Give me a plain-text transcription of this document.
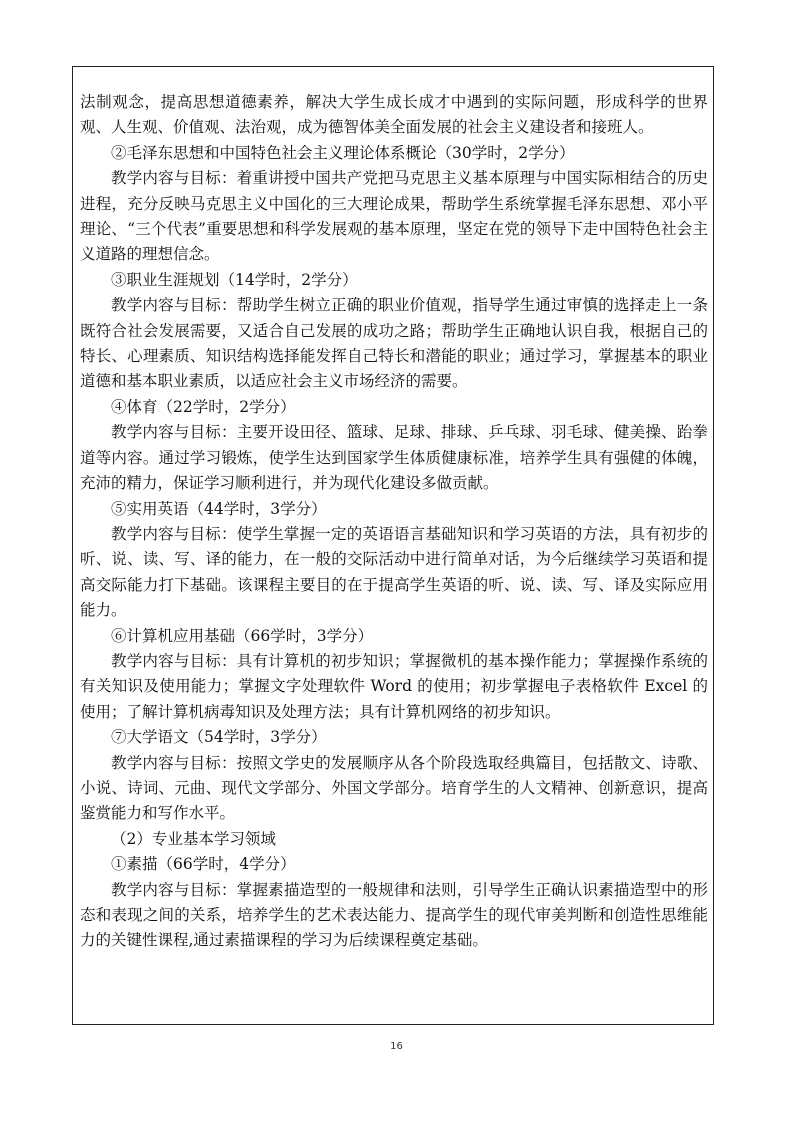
法制观念，提高思想道德素养，解决大学生成长成才中遇到的实际问题，形成科学的世界观、人生观、价值观、法治观，成为德智体美全面发展的社会主义建设者和接班人。

②毛泽东思想和中国特色社会主义理论体系概论（30学时，2学分）

教学内容与目标：着重讲授中国共产党把马克思主义基本原理与中国实际相结合的历史进程，充分反映马克思主义中国化的三大理论成果，帮助学生系统掌握毛泽东思想、邓小平理论、“三个代表”重要思想和科学发展观的基本原理，坚定在党的领导下走中国特色社会主义道路的理想信念。

③职业生涯规划（14学时，2学分）

教学内容与目标：帮助学生树立正确的职业价值观，指导学生通过审慎的选择走上一条既符合社会发展需要，又适合自己发展的成功之路；帮助学生正确地认识自我，根据自己的特长、心理素质、知识结构选择能发挥自己特长和潜能的职业；通过学习，掌握基本的职业道德和基本职业素质，以适应社会主义市场经济的需要。

④体育（22学时，2学分）

教学内容与目标：主要开设田径、篮球、足球、排球、乒乓球、羽毛球、健美操、跆拳道等内容。通过学习锻炼，使学生达到国家学生体质健康标准，培养学生具有强健的体魄，充沛的精力，保证学习顺利进行，并为现代化建设多做贡献。

⑤实用英语（44学时，3学分）

教学内容与目标：使学生掌握一定的英语语言基础知识和学习英语的方法，具有初步的听、说、读、写、译的能力，在一般的交际活动中进行简单对话，为今后继续学习英语和提高交际能力打下基础。该课程主要目的在于提高学生英语的听、说、读、写、译及实际应用能力。

⑥计算机应用基础（66学时，3学分）

教学内容与目标：具有计算机的初步知识；掌握微机的基本操作能力；掌握操作系统的有关知识及使用能力；掌握文字处理软件 Word 的使用；初步掌握电子表格软件 Excel 的使用；了解计算机病毒知识及处理方法；具有计算机网络的初步知识。

⑦大学语文（54学时，3学分）

教学内容与目标：按照文学史的发展顺序从各个阶段选取经典篇目，包括散文、诗歌、小说、诗词、元曲、现代文学部分、外国文学部分。培育学生的人文精神、创新意识，提高鉴赏能力和写作水平。

（2）专业基本学习领域

①素描（66学时，4学分）

教学内容与目标：掌握素描造型的一般规律和法则，引导学生正确认识素描造型中的形态和表现之间的关系，培养学生的艺术表达能力、提高学生的现代审美判断和创造性思维能力的关键性课程,通过素描课程的学习为后续课程奠定基础。

16
